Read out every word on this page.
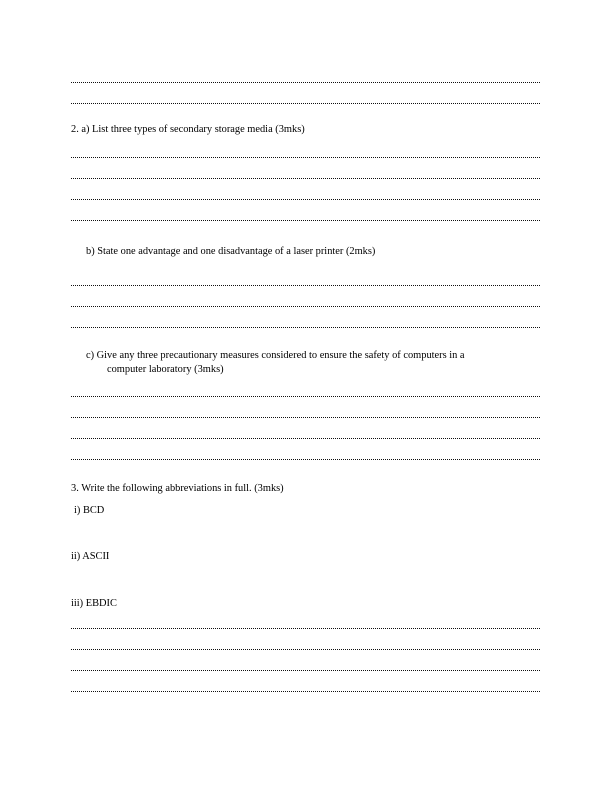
2. a) List three types of secondary storage media (3mks)
b) State one advantage and one disadvantage of a laser printer (2mks)
c) Give any three precautionary measures considered to ensure the safety of computers in a
computer laboratory (3mks)
3. Write the following abbreviations in full. (3mks)
i) BCD
ii) ASCII
iii) EBDIC
